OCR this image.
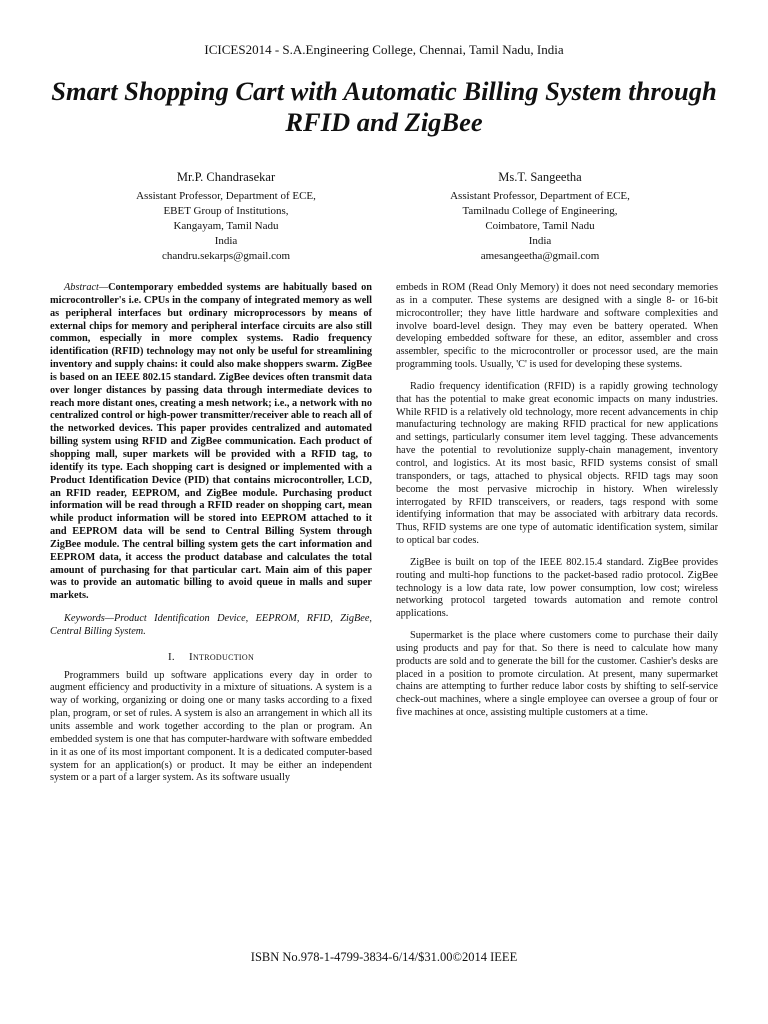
ICICES2014 - S.A.Engineering College, Chennai, Tamil Nadu, India
Smart Shopping Cart with Automatic Billing System through RFID and ZigBee
Mr.P. Chandrasekar
Assistant Professor, Department of ECE,
EBET Group of Institutions,
Kangayam, Tamil Nadu
India
chandru.sekarps@gmail.com
Ms.T. Sangeetha
Assistant Professor, Department of ECE,
Tamilnadu College of Engineering,
Coimbatore, Tamil Nadu
India
amesangeetha@gmail.com

Abstract—Contemporary embedded systems are habitually based on microcontroller's i.e. CPUs in the company of integrated memory as well as peripheral interfaces but ordinary microprocessors by means of external chips for memory and peripheral interface circuits are also still common, especially in more complex systems. Radio frequency identification (RFID) technology may not only be useful for streamlining inventory and supply chains: it could also make shoppers swarm. ZigBee is based on an IEEE 802.15 standard. ZigBee devices often transmit data over longer distances by passing data through intermediate devices to reach more distant ones, creating a mesh network; i.e., a network with no centralized control or high-power transmitter/receiver able to reach all of the networked devices. This paper provides centralized and automated billing system using RFID and ZigBee communication. Each product of shopping mall, super markets will be provided with a RFID tag, to identify its type. Each shopping cart is designed or implemented with a Product Identification Device (PID) that contains microcontroller, LCD, an RFID reader, EEPROM, and ZigBee module. Purchasing product information will be read through a RFID reader on shopping cart, mean while product information will be stored into EEPROM attached to it and EEPROM data will be send to Central Billing System through ZigBee module. The central billing system gets the cart information and EEPROM data, it access the product database and calculates the total amount of purchasing for that particular cart. Main aim of this paper was to provide an automatic billing to avoid queue in malls and super markets.

Keywords—Product Identification Device, EEPROM, RFID, ZigBee, Central Billing System.

I. Introduction

Programmers build up software applications every day in order to augment efficiency and productivity in a mixture of situations. A system is a way of working, organizing or doing one or many tasks according to a fixed plan, program, or set of rules. A system is also an arrangement in which all its units assemble and work together according to the plan or program. An embedded system is one that has computer-hardware with software embedded in it as one of its most important component. It is a dedicated computer-based system for an application(s) or product. It may be either an independent system or a part of a larger system. As its software usually

embeds in ROM (Read Only Memory) it does not need secondary memories as in a computer. These systems are designed with a single 8- or 16-bit microcontroller; they have little hardware and software complexities and involve board-level design. They may even be battery operated. When developing embedded software for these, an editor, assembler and cross assembler, specific to the microcontroller or processor used, are the main programming tools. Usually, 'C' is used for developing these systems.

Radio frequency identification (RFID) is a rapidly growing technology that has the potential to make great economic impacts on many industries. While RFID is a relatively old technology, more recent advancements in chip manufacturing technology are making RFID practical for new applications and settings, particularly consumer item level tagging. These advancements have the potential to revolutionize supply-chain management, inventory control, and logistics. At its most basic, RFID systems consist of small transponders, or tags, attached to physical objects. RFID tags may soon become the most pervasive microchip in history. When wirelessly interrogated by RFID transceivers, or readers, tags respond with some identifying information that may be associated with arbitrary data records. Thus, RFID systems are one type of automatic identification system, similar to optical bar codes.

ZigBee is built on top of the IEEE 802.15.4 standard. ZigBee provides routing and multi-hop functions to the packet-based radio protocol. ZigBee technology is a low data rate, low power consumption, low cost; wireless networking protocol targeted towards automation and remote control applications.

Supermarket is the place where customers come to purchase their daily using products and pay for that. So there is need to calculate how many products are sold and to generate the bill for the customer. Cashier's desks are placed in a position to promote circulation. At present, many supermarket chains are attempting to further reduce labor costs by shifting to self-service check-out machines, where a single employee can oversee a group of four or five machines at once, assisting multiple customers at a time.

ISBN No.978-1-4799-3834-6/14/$31.00©2014 IEEE
